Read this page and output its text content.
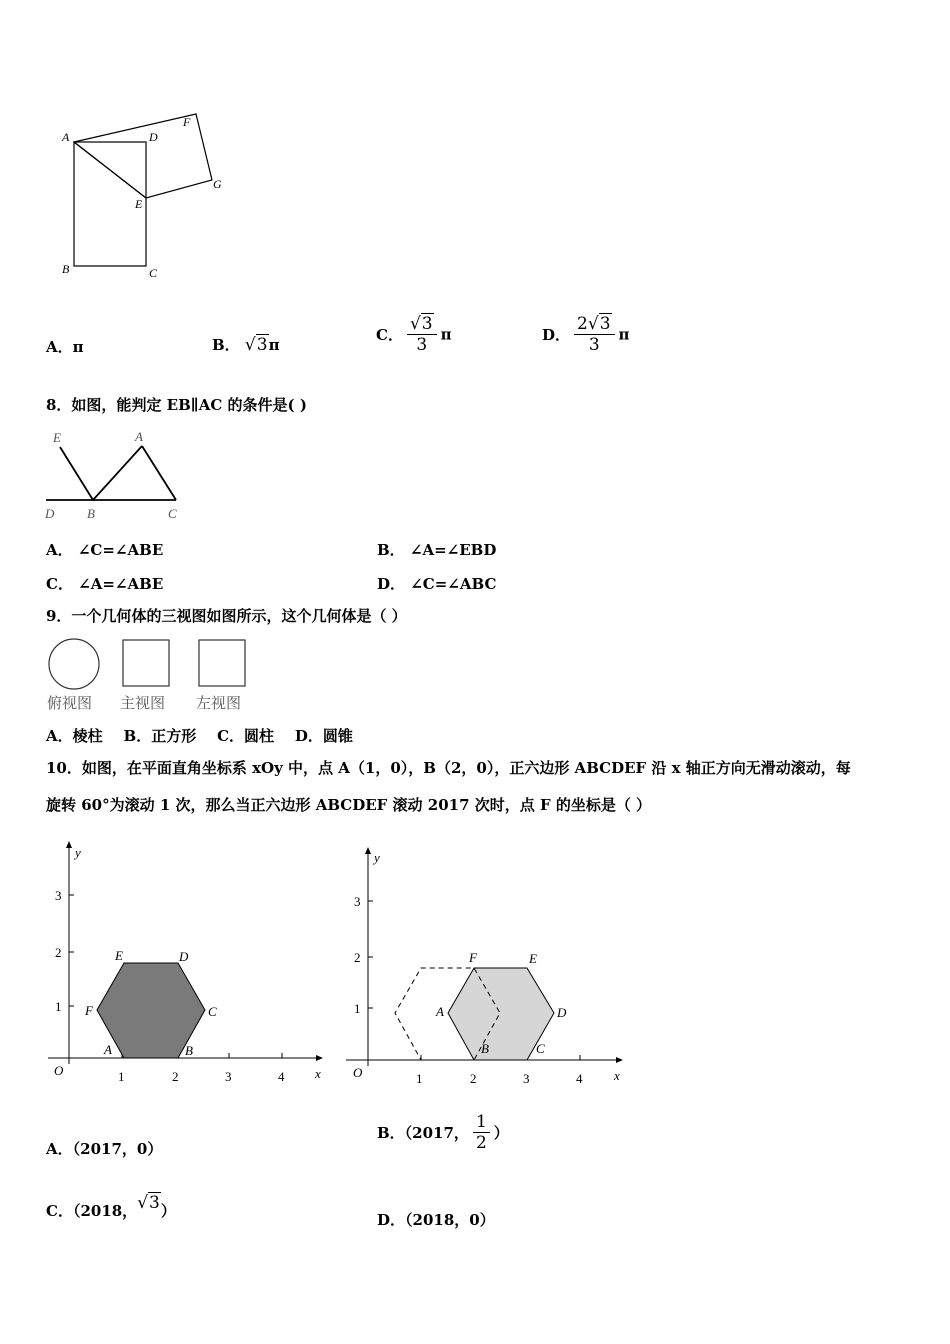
A	D
F
G
E
B	C
A．π	B． √3π
C． $\frac{√3}{3}$ π	D． $\frac{2√3}{3}$ π
8．如图，能判定 EB∥AC 的条件是( )
E	A
D	B	C
A． ∠C=∠ABE	B． ∠A=∠EBD
C． ∠A=∠ABE	D． ∠C=∠ABC
9．一个几何体的三视图如图所示，这个几何体是（ ）
俯视图 主视图 左视图
A．棱柱    B．正方形    C．圆柱    D．圆锥
10．如图，在平面直角坐标系 xOy 中，点 A（1，0），B（2，0），正六边形 ABCDEF 沿 x 轴正方向无滑动滚动，每
旋转 60°为滚动 1 次，那么当正六边形 ABCDEF 滚动 2017 次时，点 F 的坐标是（ ）
y
x
O	1	2	3	4
1
2
3
A	B
C
D
E
F
y
x
O	1	2	3	4
1
2
3
A
B	C
D
E
F
A．（2017，0）
B．（2017， $\frac{1}{2}$ ）
C．（2018，√3）	D．（2018，0）
